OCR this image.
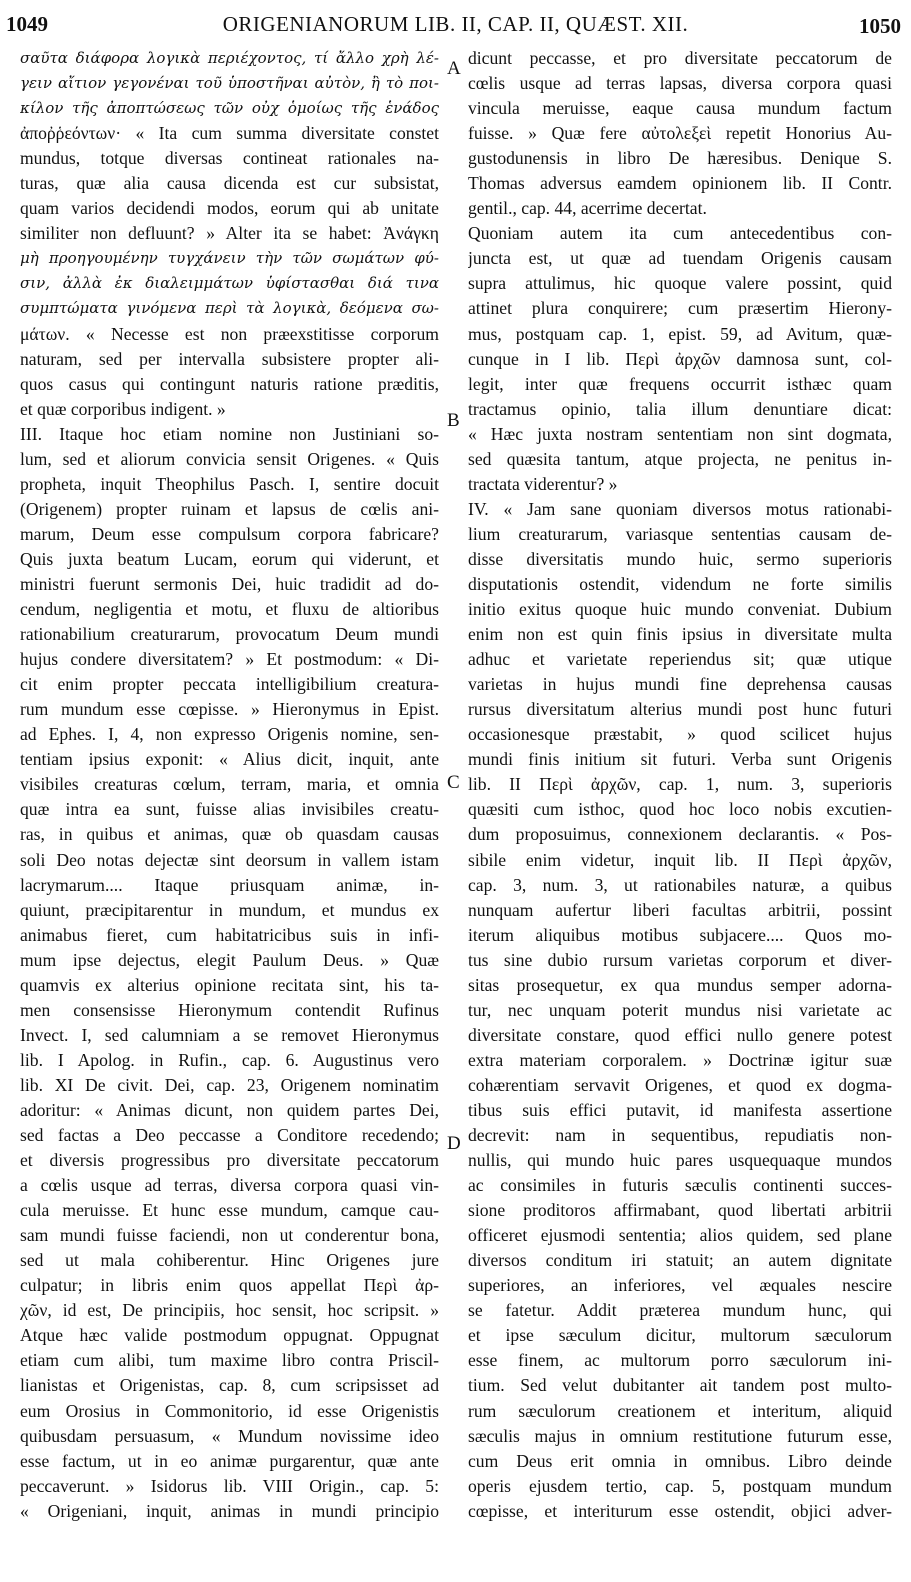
1049	ORIGENIANORUM LIB. II, CAP. II, QUÆST. XII.	1050
σαῦτα διάφορα λογικὰ περιέχοντος, τί ἄλλο χρὴ λέ-
γειν αἴτιον γεγονέναι τοῦ ὑποστῆναι αὐτὸν, ἢ τὸ ποι-
κίλον τῆς ἀποπτώσεως τῶν οὐχ ὁμοίως τῆς ἑνάδος
ἀποῤῥεόντων· « Ita cum summa diversitate constet
mundus, totque diversas contineat rationales na-
turas, quæ alia causa dicenda est cur subsistat,
quam varios decidendi modos, eorum qui ab unitate
similiter non defluunt? » Alter ita se habet: Ἀνάγκη
μὴ προηγουμένην τυγχάνειν τὴν τῶν σωμάτων φύ-
σιν, ἀλλὰ ἐκ διαλειμμάτων ὑφίστασθαι διά τινα
συμπτώματα γινόμενα περὶ τὰ λογικὰ, δεόμενα σω-
μάτων. « Necesse est non præexstitisse corporum
naturam, sed per intervalla subsistere propter ali-
quos casus qui contingunt naturis ratione præditis,
et quæ corporibus indigent. »
III. Itaque hoc etiam nomine non Justiniani so-
lum, sed et aliorum convicia sensit Origenes. « Quis
propheta, inquit Theophilus Pasch. I, sentire docuit
(Origenem) propter ruinam et lapsus de cœlis ani-
marum, Deum esse compulsum corpora fabricare?
Quis juxta beatum Lucam, eorum qui viderunt, et
ministri fuerunt sermonis Dei, huic tradidit ad do-
cendum, negligentia et motu, et fluxu de altioribus
rationabilium creaturarum, provocatum Deum mundi
hujus condere diversitatem? » Et postmodum: « Di-
cit enim propter peccata intelligibilium creatura-
rum mundum esse cœpisse. » Hieronymus in Epist.
ad Ephes. I, 4, non expresso Origenis nomine, sen-
tentiam ipsius exponit: « Alius dicit, inquit, ante
visibiles creaturas cœlum, terram, maria, et omnia
quæ intra ea sunt, fuisse alias invisibiles creatu-
ras, in quibus et animas, quæ ob quasdam causas
soli Deo notas dejectæ sint deorsum in vallem istam
lacrymarum.... Itaque priusquam animæ, in-
quiunt, præcipitarentur in mundum, et mundus ex
animabus fieret, cum habitatricibus suis in infi-
mum ipse dejectus, elegit Paulum Deus. » Quæ
quamvis ex alterius opinione recitata sint, his ta-
men consensisse Hieronymum contendit Rufinus
Invect. I, sed calumniam a se removet Hieronymus
lib. I Apolog. in Rufin., cap. 6. Augustinus vero
lib. XI De civit. Dei, cap. 23, Origenem nominatim
adoritur: « Animas dicunt, non quidem partes Dei,
sed factas a Deo peccasse a Conditore recedendo;
et diversis progressibus pro diversitate peccatorum
a cœlis usque ad terras, diversa corpora quasi vin-
cula meruisse. Et hunc esse mundum, camque cau-
sam mundi fuisse faciendi, non ut conderentur bona,
sed ut mala cohiberentur. Hinc Origenes jure
culpatur; in libris enim quos appellat Περὶ ἀρ-
χῶν, id est, De principiis, hoc sensit, hoc scripsit. »
Atque hæc valide postmodum oppugnat. Oppugnat
etiam cum alibi, tum maxime libro contra Priscil-
lianistas et Origenistas, cap. 8, cum scripsisset ad
eum Orosius in Commonitorio, id esse Origenistis
quibusdam persuasum, « Mundum novissime ideo
esse factum, ut in eo animæ purgarentur, quæ ante
peccaverunt. » Isidorus lib. VIII Origin., cap. 5:
« Origeniani, inquit, animas in mundi principio
dicunt peccasse, et pro diversitate peccatorum de
cœlis usque ad terras lapsas, diversa corpora quasi
vincula meruisse, eaque causa mundum factum
fuisse. » Quæ fere αὐτολεξεὶ repetit Honorius Au-
gustodunensis in libro De hæresibus. Denique S.
Thomas adversus eamdem opinionem lib. II Contr.
gentil., cap. 44, acerrime decertat.
Quoniam autem ita cum antecedentibus con-
juncta est, ut quæ ad tuendam Origenis causam
supra attulimus, hic quoque valere possint, quid
attinet plura conquirere; cum præsertim Hierony-
mus, postquam cap. 1, epist. 59, ad Avitum, quæ-
cunque in I lib. Περὶ ἀρχῶν damnosa sunt, col-
legit, inter quæ frequens occurrit isthæc quam
tractamus opinio, talia illum denuntiare dicat:
« Hæc juxta nostram sententiam non sint dogmata,
sed quæsita tantum, atque projecta, ne penitus in-
tractata viderentur? »
IV. « Jam sane quoniam diversos motus rationabi-
lium creaturarum, variasque sententias causam de-
disse diversitatis mundo huic, sermo superioris
disputationis ostendit, videndum ne forte similis
initio exitus quoque huic mundo conveniat. Dubium
enim non est quin finis ipsius in diversitate multa
adhuc et varietate reperiendus sit; quæ utique
varietas in hujus mundi fine deprehensa causas
rursus diversitatum alterius mundi post hunc futuri
occasionesque præstabit, » quod scilicet hujus
mundi finis initium sit futuri. Verba sunt Origenis
lib. II Περὶ ἀρχῶν, cap. 1, num. 3, superioris
quæsiti cum isthoc, quod hoc loco nobis excutien-
dum proposuimus, connexionem declarantis. « Pos-
sibile enim videtur, inquit lib. II Περὶ ἀρχῶν,
cap. 3, num. 3, ut rationabiles naturæ, a quibus
nunquam aufertur liberi facultas arbitrii, possint
iterum aliquibus motibus subjacere.... Quos mo-
tus sine dubio rursum varietas corporum et diver-
sitas prosequetur, ex qua mundus semper adorna-
tur, nec unquam poterit mundus nisi varietate ac
diversitate constare, quod effici nullo genere potest
extra materiam corporalem. » Doctrinæ igitur suæ
cohærentiam servavit Origenes, et quod ex dogma-
tibus suis effici putavit, id manifesta assertione
decrevit: nam in sequentibus, repudiatis non-
nullis, qui mundo huic pares usquequaque mundos
ac consimiles in futuris sæculis continenti succes-
sione proditoros affirmabant, quod libertati arbitrii
officeret ejusmodi sententia; alios quidem, sed plane
diversos conditum iri statuit; an autem dignitate
superiores, an inferiores, vel æquales nescire
se fatetur. Addit præterea mundum hunc, qui
et ipse sæculum dicitur, multorum sæculorum
esse finem, ac multorum porro sæculorum ini-
tium. Sed velut dubitanter ait tandem post multo-
rum sæculorum creationem et interitum, aliquid
sæculis majus in omnium restitutione futurum esse,
cum Deus erit omnia in omnibus. Libro deinde
operis ejusdem tertio, cap. 5, postquam mundum
cœpisse, et interiturum esse ostendit, objici adver-
A
B
C
D
